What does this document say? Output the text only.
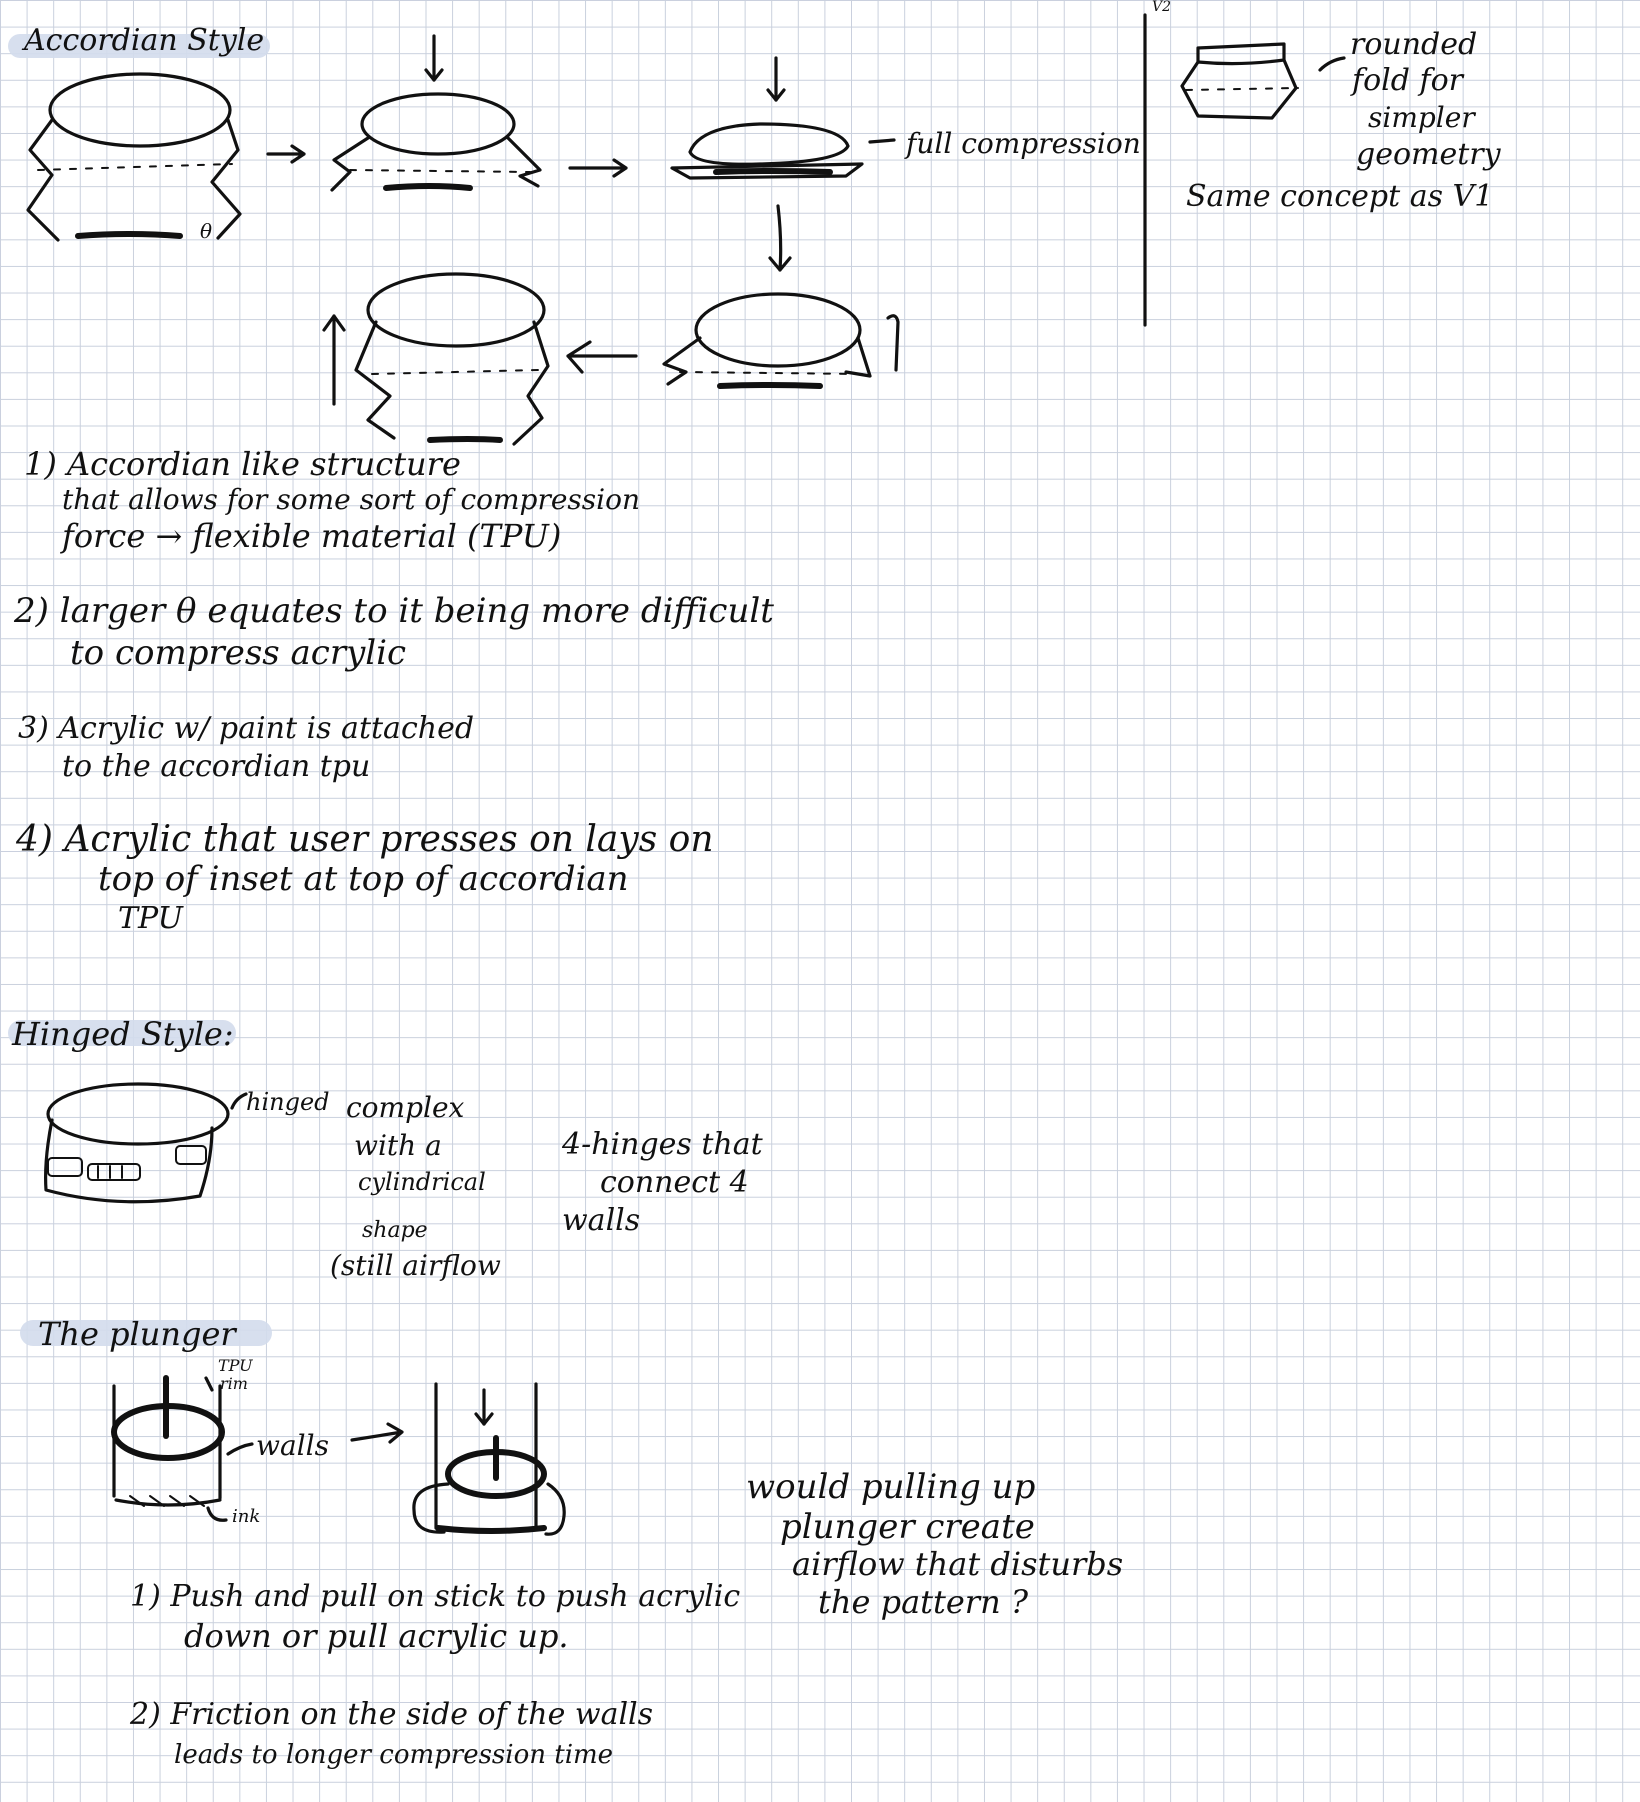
θ
Accordian Style
V2
full compression
rounded
fold for
simpler
geometry
Same concept as V1
1) Accordian like structure
that allows for some sort of compression
force → flexible material (TPU)
2) larger θ equates to it being more difficult
to compress acrylic
3) Acrylic w/ paint is attached
to the accordian tpu
4) Acrylic that user presses on lays on
top of inset at top of accordian
TPU
Hinged Style:
hinged complex
with a
cylindrical
shape
(still airflow
4-hinges that
connect 4
walls
The plunger
TPU
rim
walls
ink
would pulling up
plunger create
airflow that disturbs
the pattern ?
1) Push and pull on stick to push acrylic
down or pull acrylic up.
2) Friction on the side of the walls
leads to longer compression time
